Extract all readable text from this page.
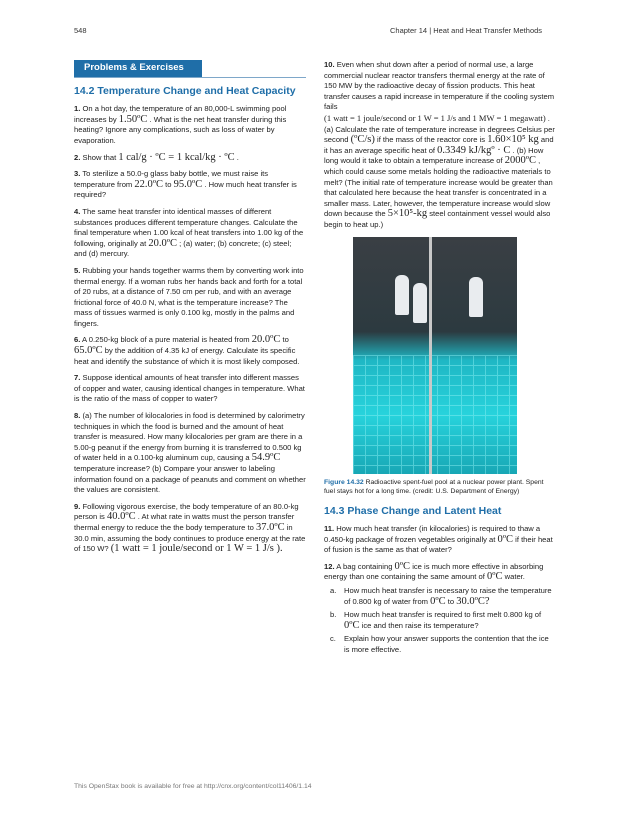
548	Chapter 14 | Heat and Heat Transfer Methods
Problems & Exercises
14.2 Temperature Change and Heat Capacity

1. On a hot day, the temperature of an 80,000-L swimming pool increases by 1.50ºC . What is the net heat transfer during this heating? Ignore any complications, such as loss of water by evaporation.

2. Show that 1 cal/g · ºC = 1 kcal/kg · ºC .

3. To sterilize a 50.0-g glass baby bottle, we must raise its temperature from 22.0ºC to 95.0ºC . How much heat transfer is required?

4. The same heat transfer into identical masses of different substances produces different temperature changes. Calculate the final temperature when 1.00 kcal of heat transfers into 1.00 kg of the following, originally at 20.0ºC ; (a) water; (b) concrete; (c) steel; and (d) mercury.

5. Rubbing your hands together warms them by converting work into thermal energy. If a woman rubs her hands back and forth for a total of 20 rubs, at a distance of 7.50 cm per rub, and with an average frictional force of 40.0 N, what is the temperature increase? The mass of tissues warmed is only 0.100 kg, mostly in the palms and fingers.

6. A 0.250-kg block of a pure material is heated from 20.0ºC to 65.0ºC by the addition of 4.35 kJ of energy. Calculate its specific heat and identify the substance of which it is most likely composed.

7. Suppose identical amounts of heat transfer into different masses of copper and water, causing identical changes in temperature. What is the ratio of the mass of copper to water?

8. (a) The number of kilocalories in food is determined by calorimetry techniques in which the food is burned and the amount of heat transfer is measured. How many kilocalories per gram are there in a 5.00-g peanut if the energy from burning it is transferred to 0.500 kg of water held in a 0.100-kg aluminum cup, causing a 54.9ºC temperature increase? (b) Compare your answer to labeling information found on a package of peanuts and comment on whether the values are consistent.

9. Following vigorous exercise, the body temperature of an 80.0-kg person is 40.0ºC . At what rate in watts must the person transfer thermal energy to reduce the the body temperature to 37.0ºC in 30.0 min, assuming the body continues to produce energy at the rate of 150 W? (1 watt = 1 joule/second or 1 W = 1 J/s ).

10. Even when shut down after a period of normal use, a large commercial nuclear reactor transfers thermal energy at the rate of 150 MW by the radioactive decay of fission products. This heat transfer causes a rapid increase in temperature if the cooling system fails (1 watt = 1 joule/second or 1 W = 1 J/s and 1 MW = 1 megawatt) . (a) Calculate the rate of temperature increase in degrees Celsius per second (ºC/s) if the mass of the reactor core is 1.60×10⁵ kg and it has an average specific heat of 0.3349 kJ/kgº · C . (b) How long would it take to obtain a temperature increase of 2000ºC , which could cause some metals holding the radioactive materials to melt? (The initial rate of temperature increase would be greater than that calculated here because the heat transfer is concentrated in a smaller mass. Later, however, the temperature increase would slow down because the 5×10⁵-kg steel containment vessel would also begin to heat up.)

Figure 14.32 Radioactive spent-fuel pool at a nuclear power plant. Spent fuel stays hot for a long time. (credit: U.S. Department of Energy)
14.3 Phase Change and Latent Heat

11. How much heat transfer (in kilocalories) is required to thaw a 0.450-kg package of frozen vegetables originally at 0ºC if their heat of fusion is the same as that of water?

12. A bag containing 0ºC ice is much more effective in absorbing energy than one containing the same amount of 0ºC water.

a. How much heat transfer is necessary to raise the temperature of 0.800 kg of water from 0ºC to 30.0ºC?
b. How much heat transfer is required to first melt 0.800 kg of 0ºC ice and then raise its temperature?
c. Explain how your answer supports the contention that the ice is more effective.
This OpenStax book is available for free at http://cnx.org/content/col11406/1.14
